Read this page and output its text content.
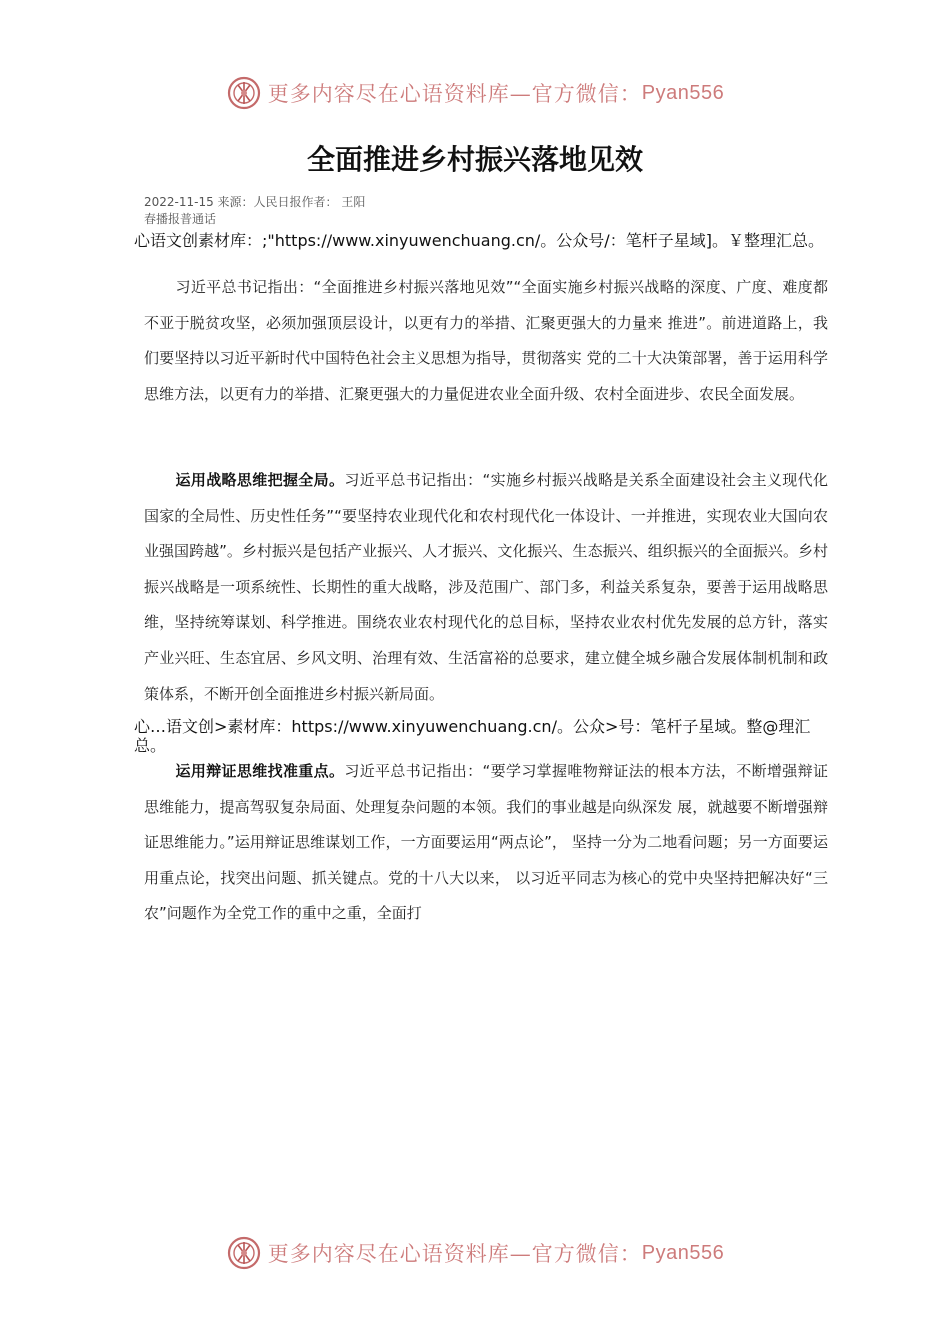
更多内容尽在心语资料库—官方微信： Pyan556
全面推进乡村振兴落地见效
2022-11-15 来源：人民日报作者： 王阳
春播报普通话
心语文创素材库：;"https://www.xinyuwenchuang.cn/。公众号/：笔杆子星域]。￥整理汇总。

习近平总书记指出：“全面推进乡村振兴落地见效”“全面实施乡村振兴战略的深度、广度、难度都不亚于脱贫攻坚，必须加强顶层设计，以更有力的举措、汇聚更强大的力量来 推进”。前进道路上，我们要坚持以习近平新时代中国特色社会主义思想为指导，贯彻落实 党的二十大决策部署，善于运用科学思维方法，以更有力的举措、汇聚更强大的力量促进农业全面升级、农村全面进步、农民全面发展。

运用战略思维把握全局。习近平总书记指出：“实施乡村振兴战略是关系全面建设社会主义现代化国家的全局性、历史性任务”“要坚持农业现代化和农村现代化一体设计、一并推进，实现农业大国向农业强国跨越”。乡村振兴是包括产业振兴、人才振兴、文化振兴、生态振兴、组织振兴的全面振兴。乡村振兴战略是一项系统性、长期性的重大战略，涉及范围广、部门多，利益关系复杂，要善于运用战略思维，坚持统筹谋划、科学推进。围绕农业农村现代化的总目标，坚持农业农村优先发展的总方针，落实产业兴旺、生态宜居、乡风文明、治理有效、生活富裕的总要求，建立健全城乡融合发展体制机制和政策体系，不断开创全面推进乡村振兴新局面。

心…语文创>素材库：https://www.xinyuwenchuang.cn/。公众>号：笔杆子星域。整@理汇总。

运用辩证思维找准重点。习近平总书记指出：“要学习掌握唯物辩证法的根本方法，不断增强辩证思维能力，提高驾驭复杂局面、处理复杂问题的本领。我们的事业越是向纵深发 展，就越要不断增强辩证思维能力。”运用辩证思维谋划工作，一方面要运用“两点论”， 坚持一分为二地看问题；另一方面要运用重点论，找突出问题、抓关键点。党的十八大以来， 以习近平同志为核心的党中央坚持把解决好“三农”问题作为全党工作的重中之重，全面打

更多内容尽在心语资料库—官方微信： Pyan556
